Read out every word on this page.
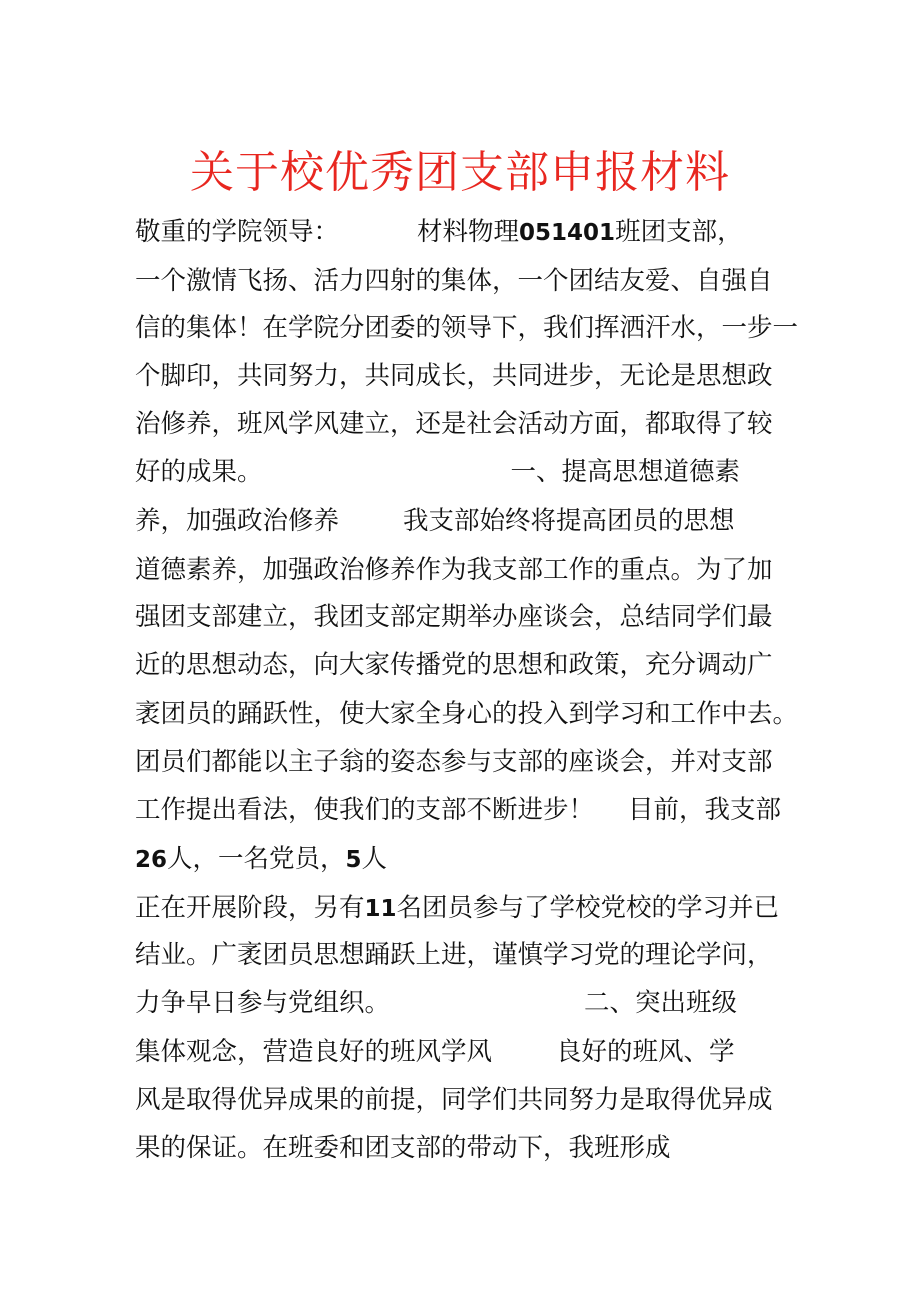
关于校优秀团支部申报材料
敬重的学院领导：	材料物理051401班团支部，
一个激情飞扬、活力四射的集体，一个团结友爱、自强自
信的集体！在学院分团委的领导下，我们挥洒汗水，一步一
个脚印，共同努力，共同成长，共同进步，无论是思想政
治修养，班风学风建立，还是社会活动方面，都取得了较
好的成果。	一、提高思想道德素
养，加强政治修养	我支部始终将提高团员的思想
道德素养，加强政治修养作为我支部工作的重点。为了加
强团支部建立，我团支部定期举办座谈会，总结同学们最
近的思想动态，向大家传播党的思想和政策，充分调动广
袤团员的踊跃性，使大家全身心的投入到学习和工作中去。
团员们都能以主子翁的姿态参与支部的座谈会，并对支部
工作提出看法，使我们的支部不断进步！ 目前，我支部
26人，一名党员，5人
正在开展阶段，另有11名团员参与了学校党校的学习并已
结业。广袤团员思想踊跃上进，谨慎学习党的理论学问，
力争早日参与党组织。	二、突出班级
集体观念，营造良好的班风学风	良好的班风、学
风是取得优异成果的前提，同学们共同努力是取得优异成
果的保证。在班委和团支部的带动下，我班形成
